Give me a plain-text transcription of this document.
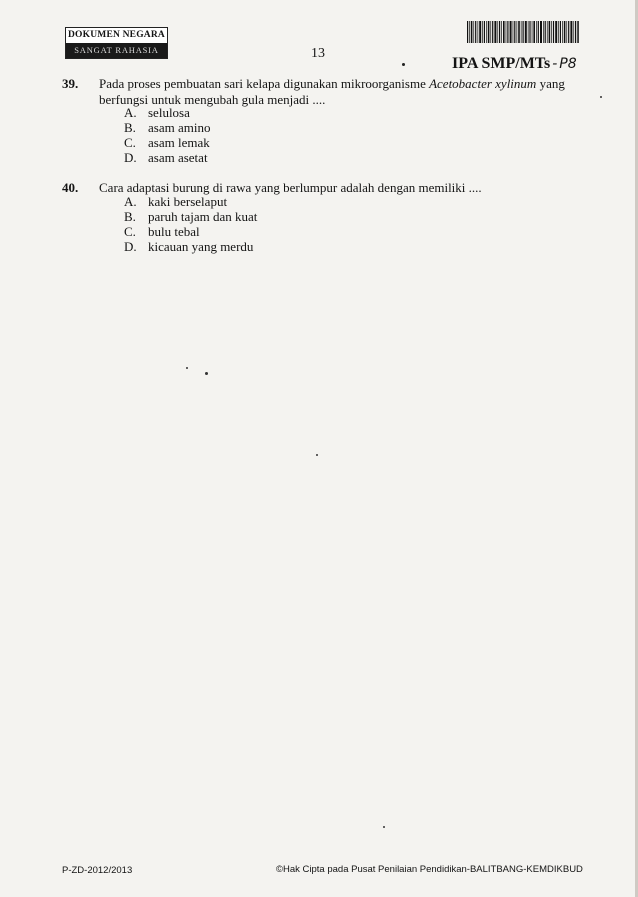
DOKUMEN NEGARA
SANGAT RAHASIA	13
IPA SMP/MTs - P8
39. Pada proses pembuatan sari kelapa digunakan mikroorganisme Acetobacter xylinum yang berfungsi untuk mengubah gula menjadi ....
A. selulosa
B. asam amino
C. asam lemak
D. asam asetat
40. Cara adaptasi burung di rawa yang berlumpur adalah dengan memiliki ....
A. kaki berselaput
B. paruh tajam dan kuat
C. bulu tebal
D. kicauan yang merdu
P-ZD-2012/2013	©Hak Cipta pada Pusat Penilaian Pendidikan-BALITBANG-KEMDIKBUD
